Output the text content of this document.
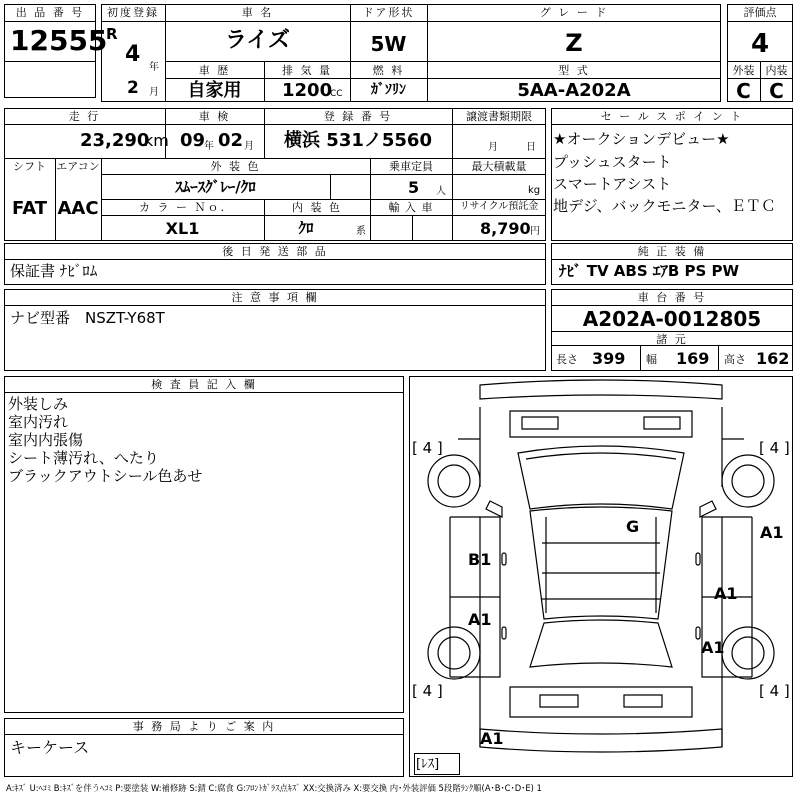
出 品 番 号
12555
初度登録
R
4
年
2 月
車 名
ライズ
ドア形状
5W
グ レ ー ド
Z
車 歴
自家用
排 気 量
1200
CC
燃 料
ｶﾞｿﾘﾝ
型 式
5AA-A202A
評価点
4
外装	内装
C C
走 行
23,290
km
車 検
09
年 02 月
登 録 番 号
横浜 531ノ5560
譲渡書類期限
月	日
シフト
FAT
エアコン
AAC
外 装 色
ｽﾑｰｽｸﾞﾚｰ/ｸﾛ
乗車定員
5 人
最大積載量
kg
カ ラ ー Ｎｏ.
XL1
内 装 色
ｸﾛ	系
輸 入 車	リサイクル預託金
8,790 円
セ ー ル ス ポ イ ン ト
★オークションデビュー★
プッシュスタート
スマートアシスト
地デジ、バックモニター、ＥＴＣ
後 日 発 送 部 品
保証書 ﾅﾋﾞﾛﾑ
純 正 装 備
ﾅﾋﾞ TV ABS ｴｱB PS PW
注 意 事 項 欄
ナビ型番　NSZT-Y68T
車 台 番 号
A202A-0012805
諸 元
長さ 399 幅 169 高さ 162
検 査 員 記 入 欄
外装しみ
室内汚れ
室内内張傷
シート薄汚れ、へたり
ブラックアウトシール色あせ
事 務 局 よ り ご 案 内
キーケース
[ 4 ]	[ 4 ]
[ 4 ]	[ 4 ]
G
B1
A1
A1
A1
A1
A1
[ﾚｽ]
A:ｷｽﾞ U:ﾍｺﾐ B:ｷｽﾞを伴うﾍｺﾐ P:要塗装 W:補修跡 S:錆 C:腐食 G:ﾌﾛﾝﾄｶﾞﾗｽ点ｷｽﾞ XX:交換済み X:要交換 内･外装評価 5段階ﾗﾝｸ順(A･B･C･D･E) 1
